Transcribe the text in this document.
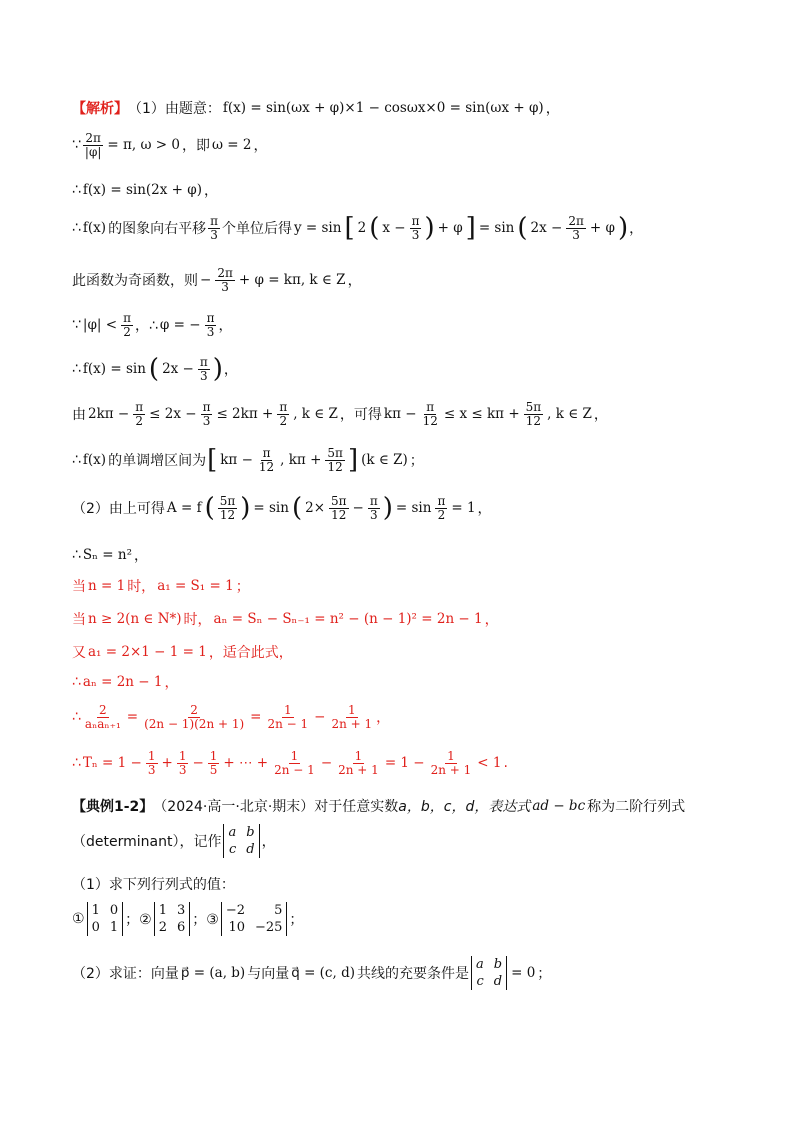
【解析】 （1）由题意： f(x) = sin(ωx + φ)×1 − cosωx×0 = sin(ωx + φ) ，
∵ $\frac{2\pi}{|\varphi|} = \pi$, ω > 0 ，即 ω = 2 ，
∴ f(x) = sin(2x + φ) ，
∴ f(x) 的图象向右平移 $\frac{\pi}{3}$ 个单位后得 y = sin [ 2 ( $x - \frac{\pi}{3}$ ) + φ ] = sin ( $2x - \frac{2\pi}{3} + \varphi$ ) ，
此函数为奇函数，则 − $\frac{2\pi}{3} + \varphi = k\pi$, k ∈ Z ，
∵ $|\varphi| < \frac{\pi}{2}$ ，∴ φ = − $\frac{\pi}{3}$ ，
∴ f(x) = sin ( $2x - \frac{\pi}{3}$ ) ，
由 $2k\pi - \frac{\pi}{2} \le 2x - \frac{\pi}{3} \le 2k\pi + \frac{\pi}{2}$ , k ∈ Z ，可得 $k\pi - \frac{\pi}{12} \le x \le k\pi + \frac{5\pi}{12}$ , k ∈ Z ，
∴ f(x) 的单调增区间为 [ $k\pi - \frac{\pi}{12}$ , $k\pi + \frac{5\pi}{12}$ ] (k ∈ Z) ；
（2）由上可得 A = f ( $\frac{5\pi}{12}$ ) = sin ( $2\times \frac{5\pi}{12} - \frac{\pi}{3}$ ) = $\sin \frac{\pi}{2} = 1$ ，
∴ Sₙ = n² ，
当 n = 1 时， a₁ = S₁ = 1 ；
当 n ≥ 2(n ∈ N*) 时， aₙ = Sₙ − Sₙ₋₁ = n² − (n − 1)² = 2n − 1 ，
又 a₁ = 2×1 − 1 = 1 ，适合此式，
∴ aₙ = 2n − 1 ，
∴ $\frac{2}{\text{aₙaₙ₊₁}} = \frac{2}{(2n - 1)(2n + 1)} = \frac{1}{2n - 1} - \frac{1}{2n + 1}$ ，
∴ $T_n = 1 - \frac{1}{3} + \frac{1}{3} - \frac{1}{5}$ + ⋯ + $\frac{1}{2n - 1} - \frac{1}{2n + 1} = 1 - \frac{1}{2n + 1} < 1$ .
【典例1-2】 （2024·高一·北京·期末）对于任意实数 a，b，c，d，表达式 ad − bc 称为二阶行列式
（determinant），记作
a b
c d ，
（1）求下列行列式的值：
①
1 0
0 1 ；②
1 3
2 6 ；③
−2	5
10 −25 ；
（2）求证：向量 p⃗ = (a, b) 与向量 q⃗ = (c, d) 共线的充要条件是
a b
c d
= 0 ；
